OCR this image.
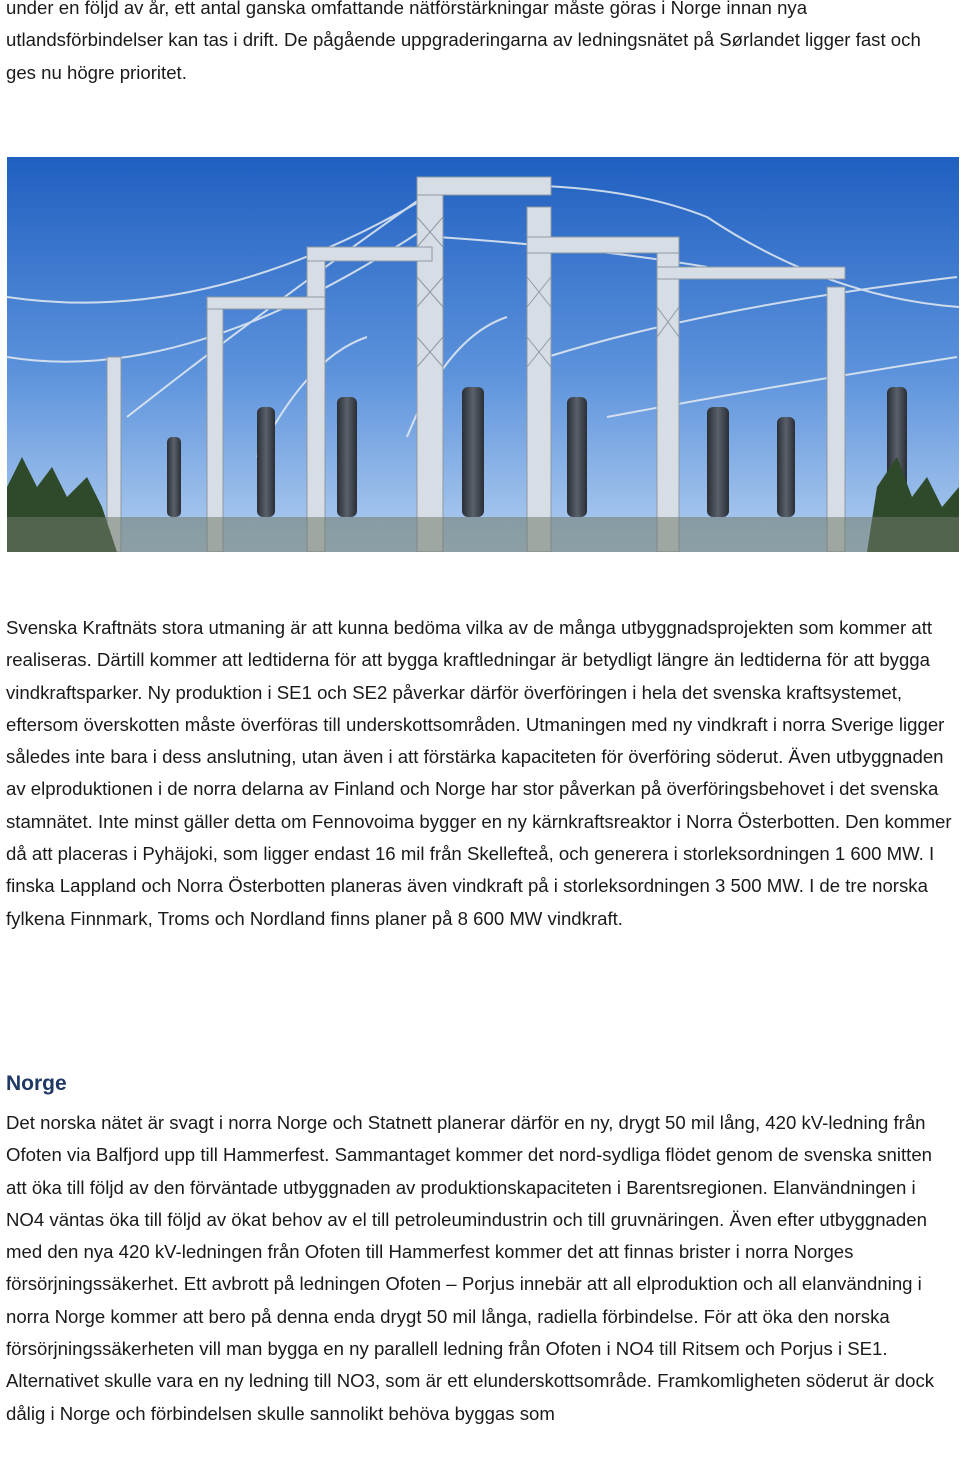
under en följd av år, ett antal ganska omfattande nätförstärkningar måste göras i Norge innan nya utlandsförbindelser kan tas i drift. De pågående uppgraderingarna av ledningsnätet på Sørlandet ligger fast och ges nu högre prioritet.

Svenska Kraftnäts stora utmaning är att kunna bedöma vilka av de många utbyggnadsprojekten som kommer att realiseras. Därtill kommer att ledtiderna för att bygga kraftledningar är betydligt längre än ledtiderna för att bygga vindkraftsparker. Ny produktion i SE1 och SE2 påverkar därför överföringen i hela det svenska kraftsystemet, eftersom överskotten måste överföras till underskottsområden. Utmaningen med ny vindkraft i norra Sverige ligger således inte bara i dess anslutning, utan även i att förstärka kapaciteten för överföring söderut. Även utbyggnaden av elproduktionen i de norra delarna av Finland och Norge har stor påverkan på överföringsbehovet i det svenska stamnätet. Inte minst gäller detta om Fennovoima bygger en ny kärnkraftsreaktor i Norra Österbotten. Den kommer då att placeras i Pyhäjoki, som ligger endast 16 mil från Skellefteå, och generera i storleksordningen 1 600 MW. I finska Lappland och Norra Österbotten planeras även vindkraft på i storleksordningen 3 500 MW. I de tre norska fylkena Finnmark, Troms och Nordland finns planer på 8 600 MW vindkraft.

Norge

Det norska nätet är svagt i norra Norge och Statnett planerar därför en ny, drygt 50 mil lång, 420 kV-ledning från Ofoten via Balfjord upp till Hammerfest. Sammantaget kommer det nord-sydliga flödet genom de svenska snitten att öka till följd av den förväntade utbyggnaden av produktionskapaciteten i Barentsregionen. Elanvändningen i NO4 väntas öka till följd av ökat behov av el till petroleumindustrin och till gruvnäringen. Även efter utbyggnaden med den nya 420 kV-ledningen från Ofoten till Hammerfest kommer det att finnas brister i norra Norges försörjningssäkerhet. Ett avbrott på ledningen Ofoten – Porjus innebär att all elproduktion och all elanvändning i norra Norge kommer att bero på denna enda drygt 50 mil långa, radiella förbindelse. För att öka den norska försörjningssäkerheten vill man bygga en ny parallell ledning från Ofoten i NO4 till Ritsem och Porjus i SE1. Alternativet skulle vara en ny ledning till NO3, som är ett elunderskottsområde. Framkomligheten söderut är dock dålig i Norge och förbindelsen skulle sannolikt behöva byggas som
